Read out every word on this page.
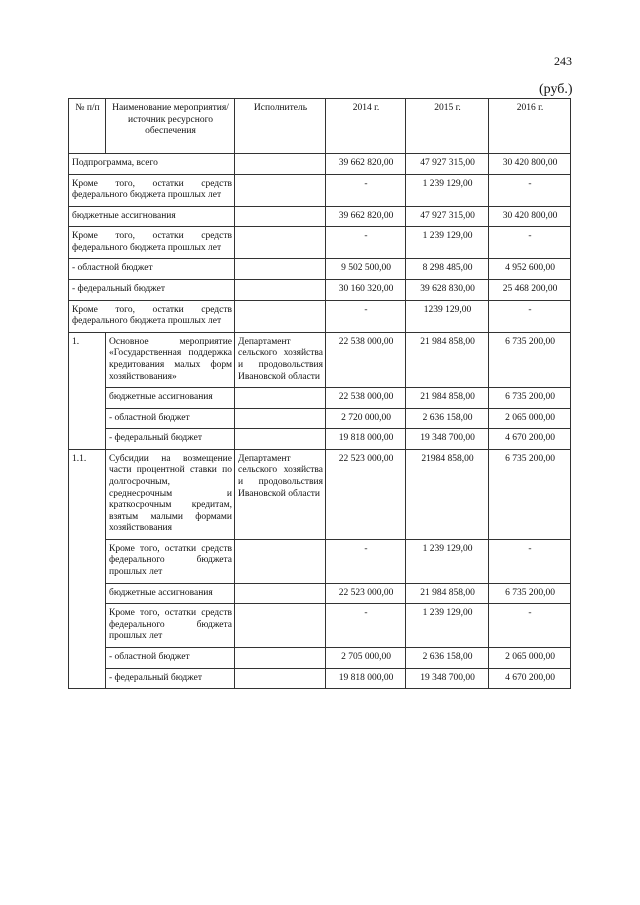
243
(руб.)
№ п/п	Наименование мероприятия/источник ресурсного обеспечения	Исполнитель	2014 г.	2015 г.	2016 г.
Подпрограмма, всего			39 662 820,00	47 927 315,00	30 420 800,00
Кроме того, остатки средств федерального бюджета прошлых лет			-	1 239 129,00	-
бюджетные ассигнования			39 662 820,00	47 927 315,00	30 420 800,00
Кроме того, остатки средств федерального бюджета прошлых лет			-	1 239 129,00	-
- областной бюджет			9 502 500,00	8 298 485,00	4 952 600,00
- федеральный бюджет			30 160 320,00	39 628 830,00	25 468 200,00
Кроме того, остатки средств федерального бюджета прошлых лет			-	1239 129,00	-
1.	Основное мероприятие «Государственная поддержка кредитования малых форм хозяйствования»	Департамент сельского хозяйства и продовольствия Ивановской области	22 538 000,00	21 984 858,00	6 735 200,00
	бюджетные ассигнования		22 538 000,00	21 984 858,00	6 735 200,00
	- областной бюджет		2 720 000,00	2 636 158,00	2 065 000,00
	- федеральный бюджет		19 818 000,00	19 348 700,00	4 670 200,00
1.1.	Субсидии на возмещение части процентной ставки по долгосрочным, среднесрочным и краткосрочным кредитам, взятым малыми формами хозяйствования	Департамент сельского хозяйства и продовольствия Ивановской области	22 523 000,00	21984 858,00	6 735 200,00
	Кроме того, остатки средств федерального бюджета прошлых лет		-	1 239 129,00	-
	бюджетные ассигнования		22 523 000,00	21 984 858,00	6 735 200,00
	Кроме того, остатки средств федерального бюджета прошлых лет		-	1 239 129,00	-
	- областной бюджет		2 705 000,00	2 636 158,00	2 065 000,00
	- федеральный бюджет		19 818 000,00	19 348 700,00	4 670 200,00
